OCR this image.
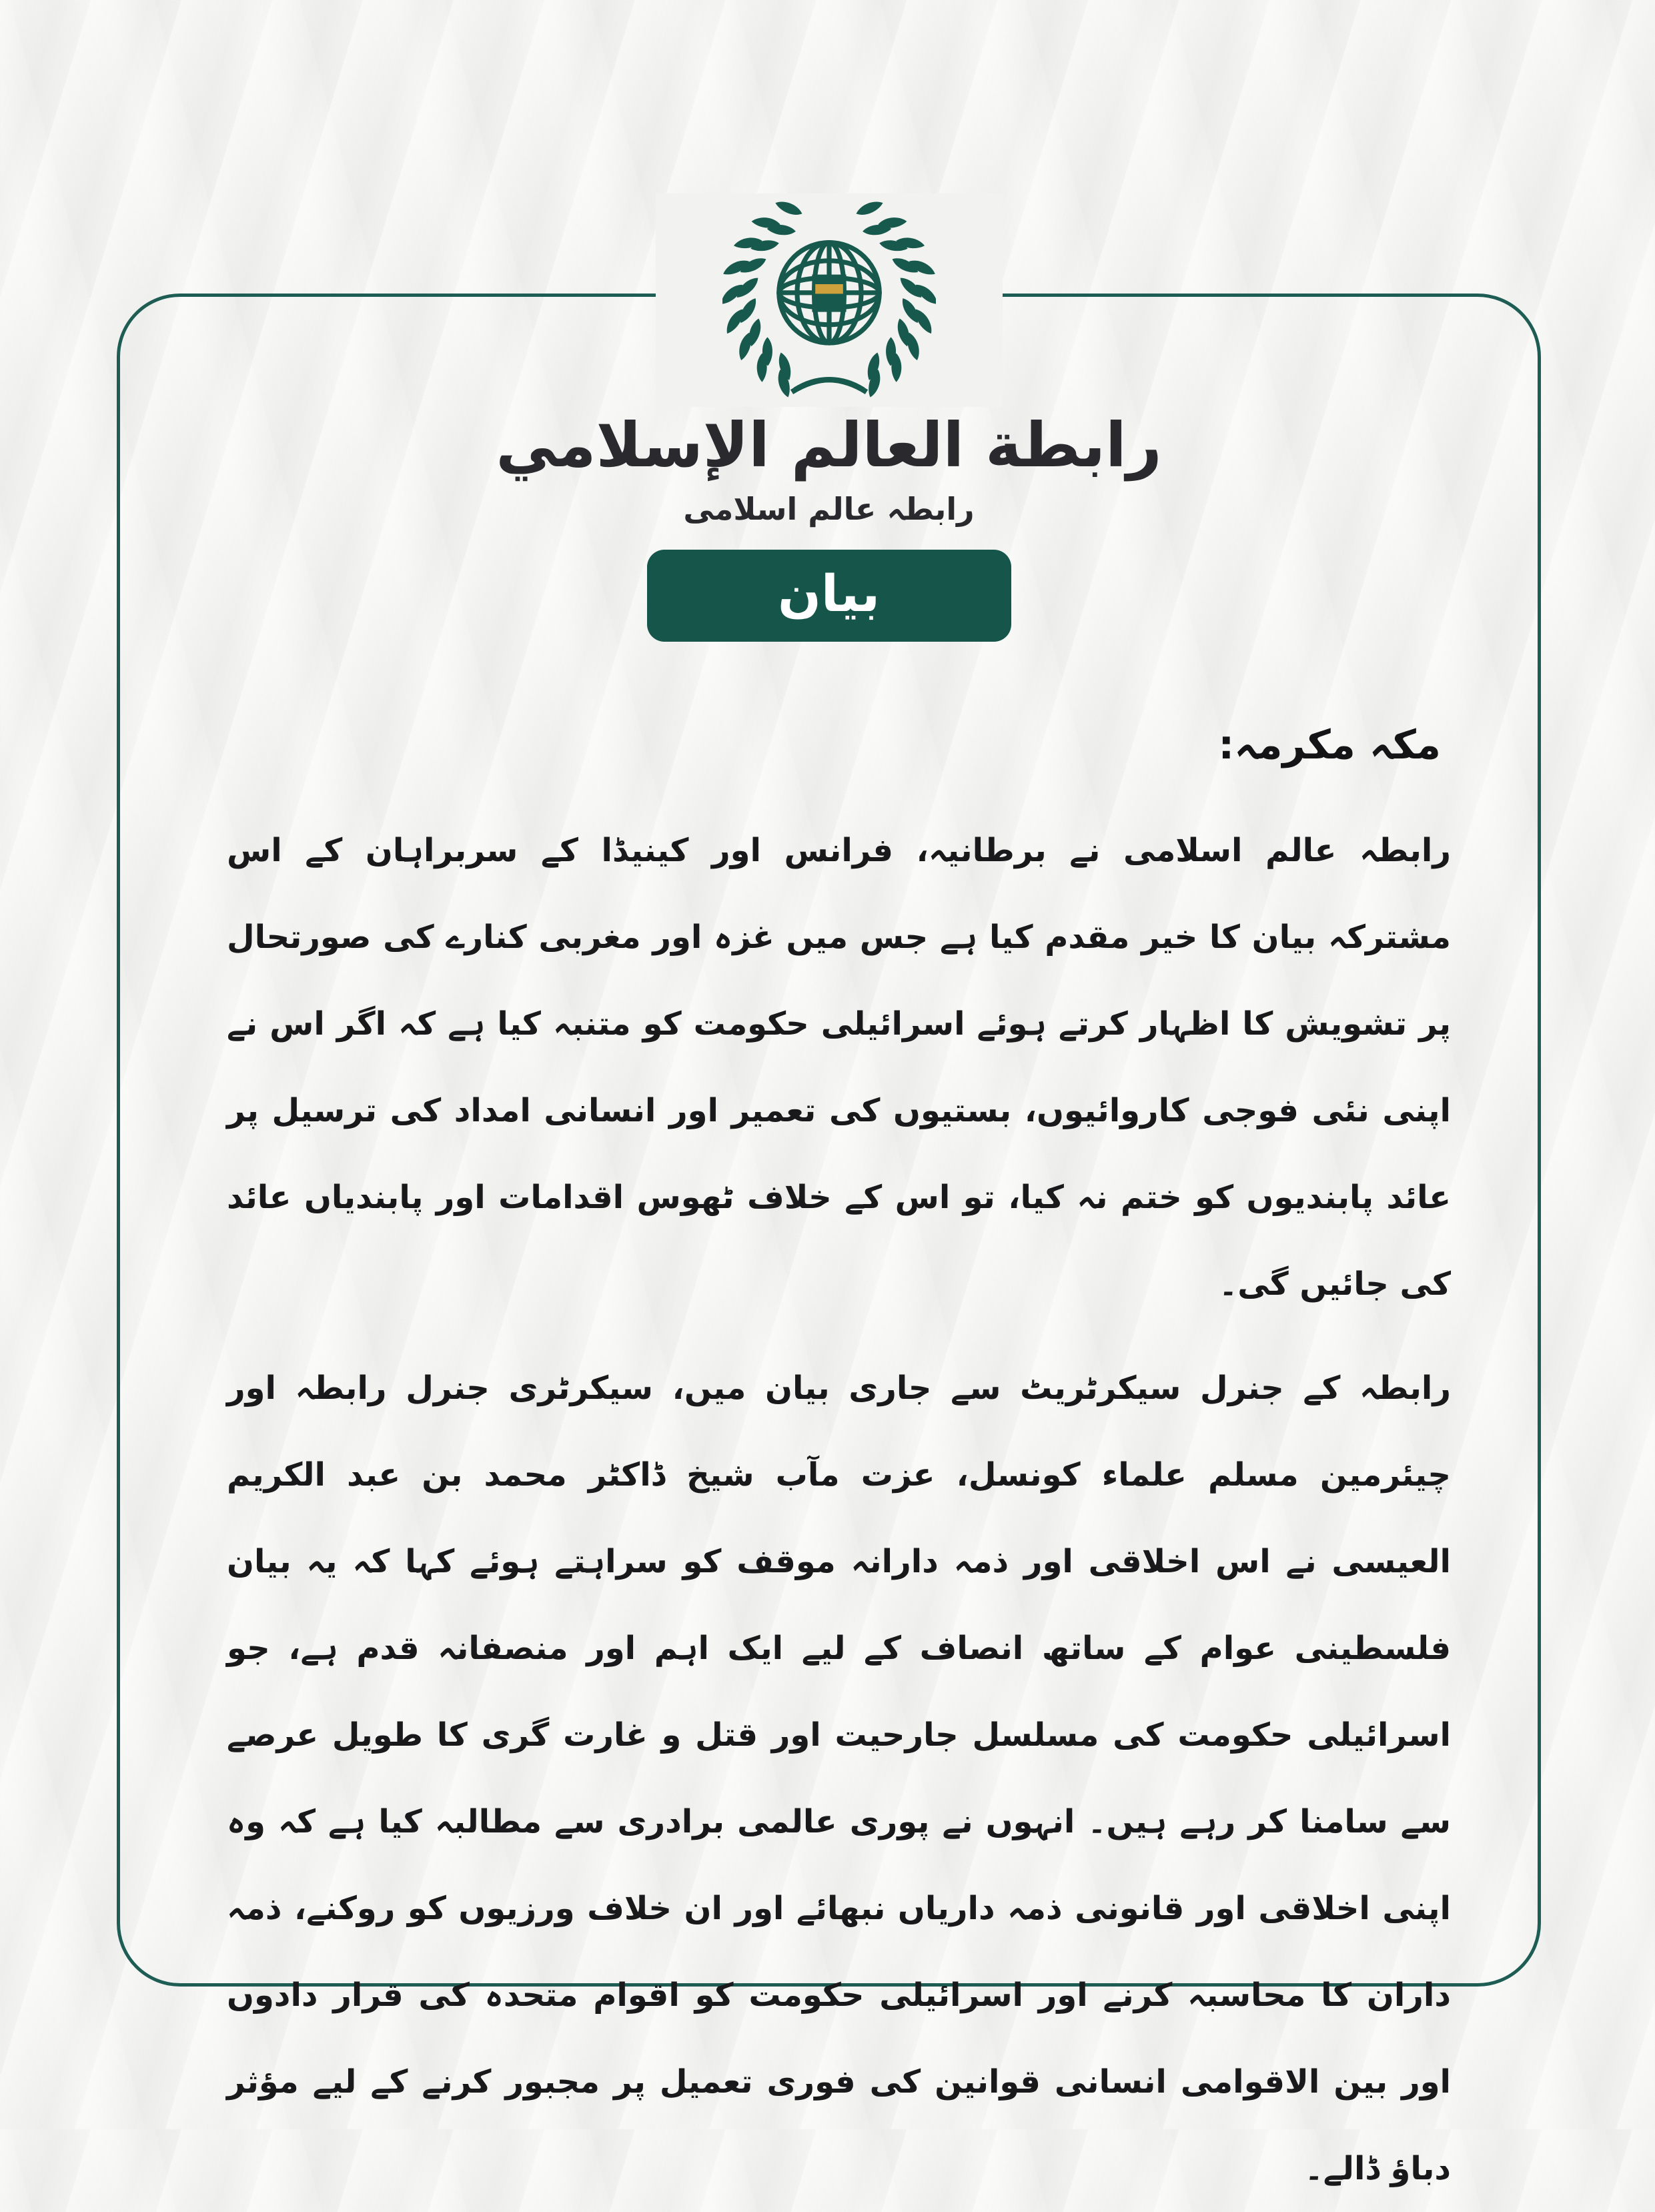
رابطة العالم الإسلامي
رابطہ عالم اسلامی
بیان
مکہ مکرمہ:

رابطہ عالم اسلامی نے برطانیہ، فرانس اور کینیڈا کے سربراہان کے اس مشترکہ بیان کا خیر مقدم کیا ہے جس میں غزہ اور مغربی کنارے کی صورتحال پر تشویش کا اظہار کرتے ہوئے اسرائیلی حکومت کو متنبہ کیا ہے کہ اگر اس نے اپنی نئی فوجی کاروائیوں، بستیوں کی تعمیر اور انسانی امداد کی ترسیل پر عائد پابندیوں کو ختم نہ کیا، تو اس کے خلاف ٹھوس اقدامات اور پابندیاں عائد کی جائیں گی۔

رابطہ کے جنرل سیکرٹریٹ سے جاری بیان میں، سیکرٹری جنرل رابطہ اور چیئرمین مسلم علماء کونسل، عزت مآب شیخ ڈاکٹر محمد بن عبد الکریم العیسی نے اس اخلاقی اور ذمہ دارانہ موقف کو سراہتے ہوئے کہا کہ یہ بیان فلسطینی عوام کے ساتھ انصاف کے لیے ایک اہم اور منصفانہ قدم ہے، جو اسرائیلی حکومت کی مسلسل جارحیت اور قتل و غارت گری کا طویل عرصے سے سامنا کر رہے ہیں۔ انہوں نے پوری عالمی برادری سے مطالبہ کیا ہے کہ وہ اپنی اخلاقی اور قانونی ذمہ داریاں نبھائے اور ان خلاف ورزیوں کو روکنے، ذمہ داران کا محاسبہ کرنے اور اسرائیلی حکومت کو اقوام متحدہ کی قرار دادوں اور بین الاقوامی انسانی قوانین کی فوری تعمیل پر مجبور کرنے کے لیے مؤثر دباؤ ڈالے۔
